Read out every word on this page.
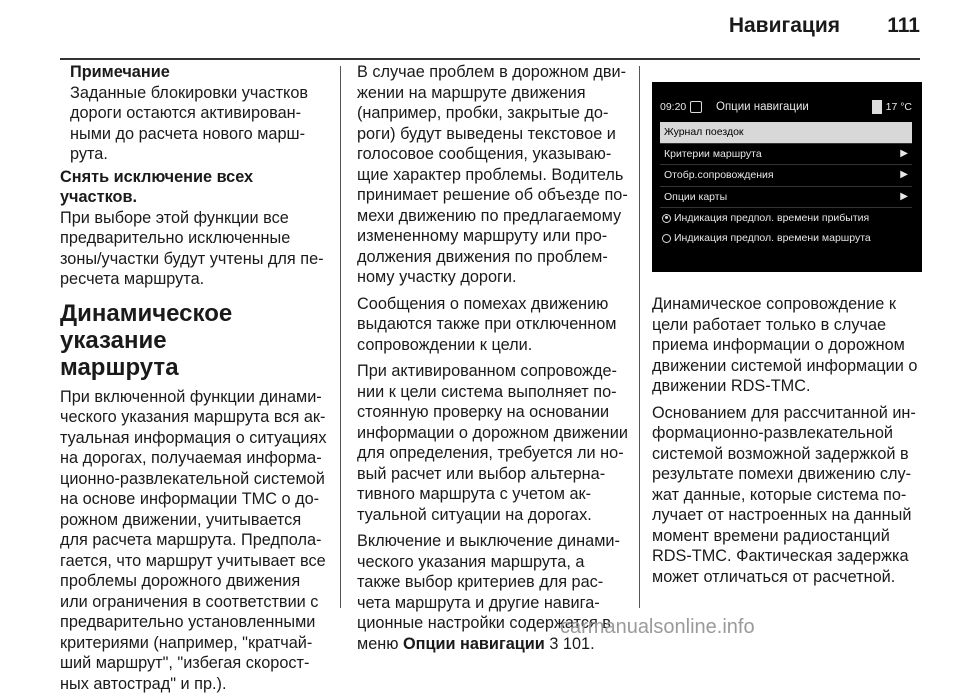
Навигация 111
Примечание
Заданные блокировки участков
дороги остаются активирован-
ными до расчета нового марш-
рута.
Снять исключение всех участков.
При выборе этой функции все
предварительно исключенные
зоны/участки будут учтены для пе-
ресчета маршрута.
Динамическое указание
маршрута
При включенной функции динами-
ческого указания маршрута вся ак-
туальная информация о ситуациях
на дорогах, получаемая информа-
ционно-развлекательной системой
на основе информации ТМС о до-
рожном движении, учитывается
для расчета маршрута. Предпола-
гается, что маршрут учитывает все
проблемы дорожного движения
или ограничения в соответствии с
предварительно установленными
критериями (например, "кратчай-
ший маршрут", "избегая скорост-
ных автострад" и пр.).
В случае проблем в дорожном дви-
жении на маршруте движения
(например, пробки, закрытые до-
роги) будут выведены текстовое и
голосовое сообщения, указываю-
щие характер проблемы. Водитель
принимает решение об объезде по-
мехи движению по предлагаемому
измененному маршруту или про-
должения движения по проблем-
ному участку дороги.
Сообщения о помехах движению
выдаются также при отключенном
сопровождении к цели.
При активированном сопровожде-
нии к цели система выполняет по-
стоянную проверку на основании
информации о дорожном движении
для определения, требуется ли но-
вый расчет или выбор альтерна-
тивного маршрута с учетом ак-
туальной ситуации на дорогах.
Включение и выключение динами-
ческого указания маршрута, а
также выбор критериев для рас-
чета маршрута и другие навига-
ционные настройки содержатся в
меню Опции навигации 3 101.
09:20	Опции навигации	17 °C
Журнал поездок
Критерии маршрута	▶
Отобр.сопровождения	▶
Опции карты	▶
Индикация предпол. времени прибытия
Индикация предпол. времени маршрута
Динамическое сопровождение к
цели работает только в случае
приема информации о дорожном
движении системой информации о
движении RDS-TMC.
Основанием для рассчитанной ин-
формационно-развлекательной
системой возможной задержкой в
результате помехи движению слу-
жат данные, которые система по-
лучает от настроенных на данный
момент времени радиостанций
RDS-TMC. Фактическая задержка
может отличаться от расчетной.
carmanualsonline.info
